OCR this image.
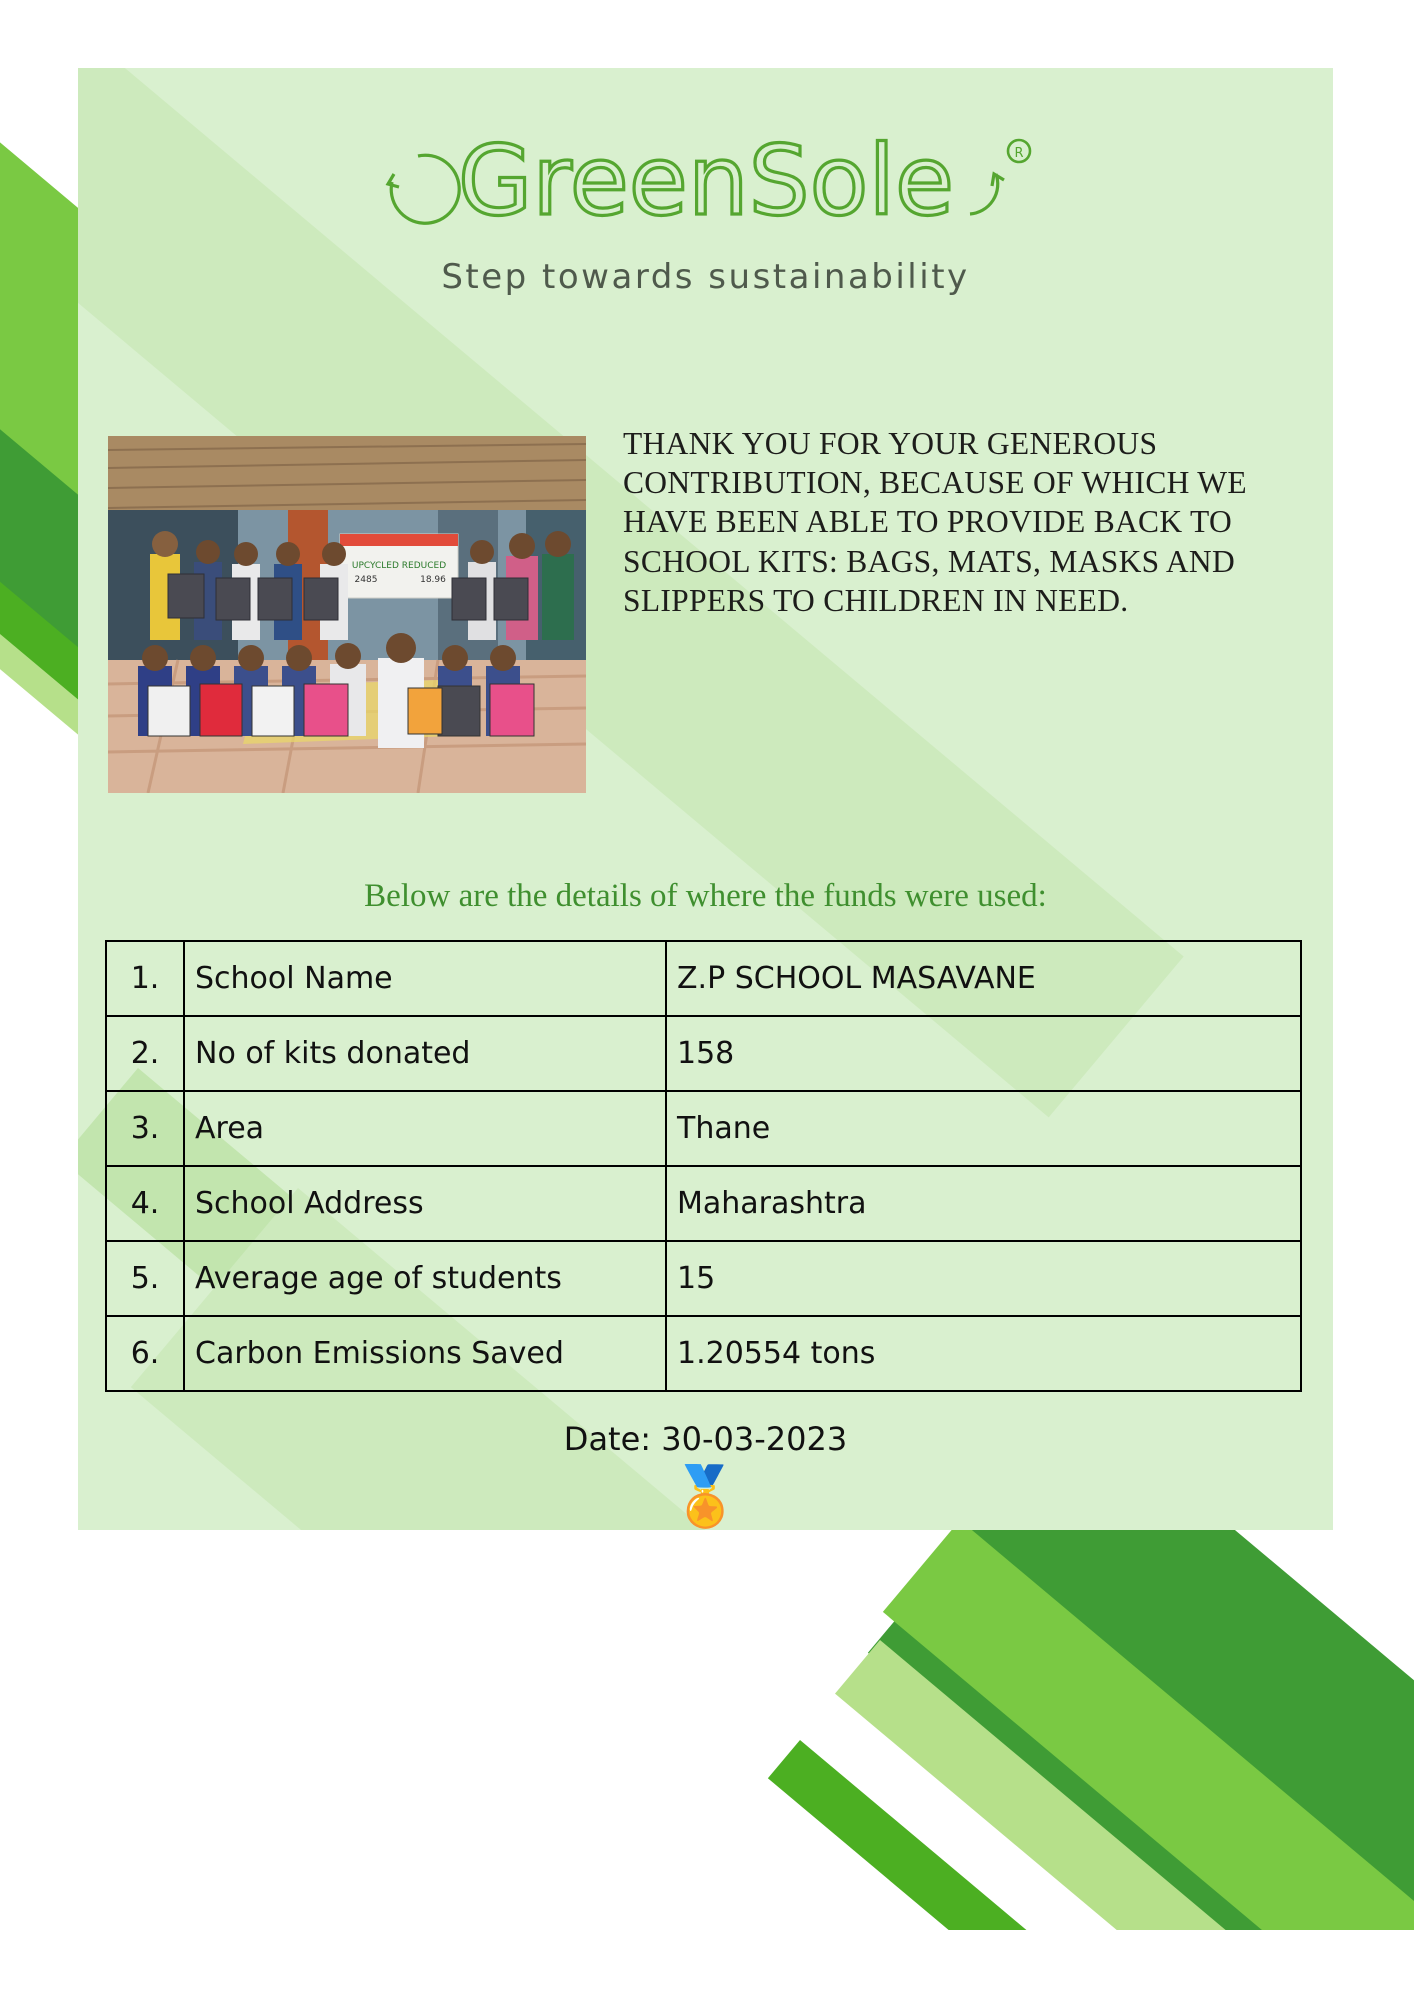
GreenSole	R
Step towards sustainability
UPCYCLED REDUCED
2485	18.96
THANK YOU FOR YOUR GENEROUS CONTRIBUTION, BECAUSE OF WHICH WE HAVE BEEN ABLE TO PROVIDE BACK TO SCHOOL KITS: BAGS, MATS, MASKS AND SLIPPERS TO CHILDREN IN NEED.
Below are the details of where the funds were used:
1.	School Name	Z.P SCHOOL MASAVANE
2.	No of kits donated	158
3.	Area	Thane
4.	School Address	Maharashtra
5.	Average age of students	15
6.	Carbon Emissions Saved	1.20554 tons
Date: 30-03-2023
🏅
